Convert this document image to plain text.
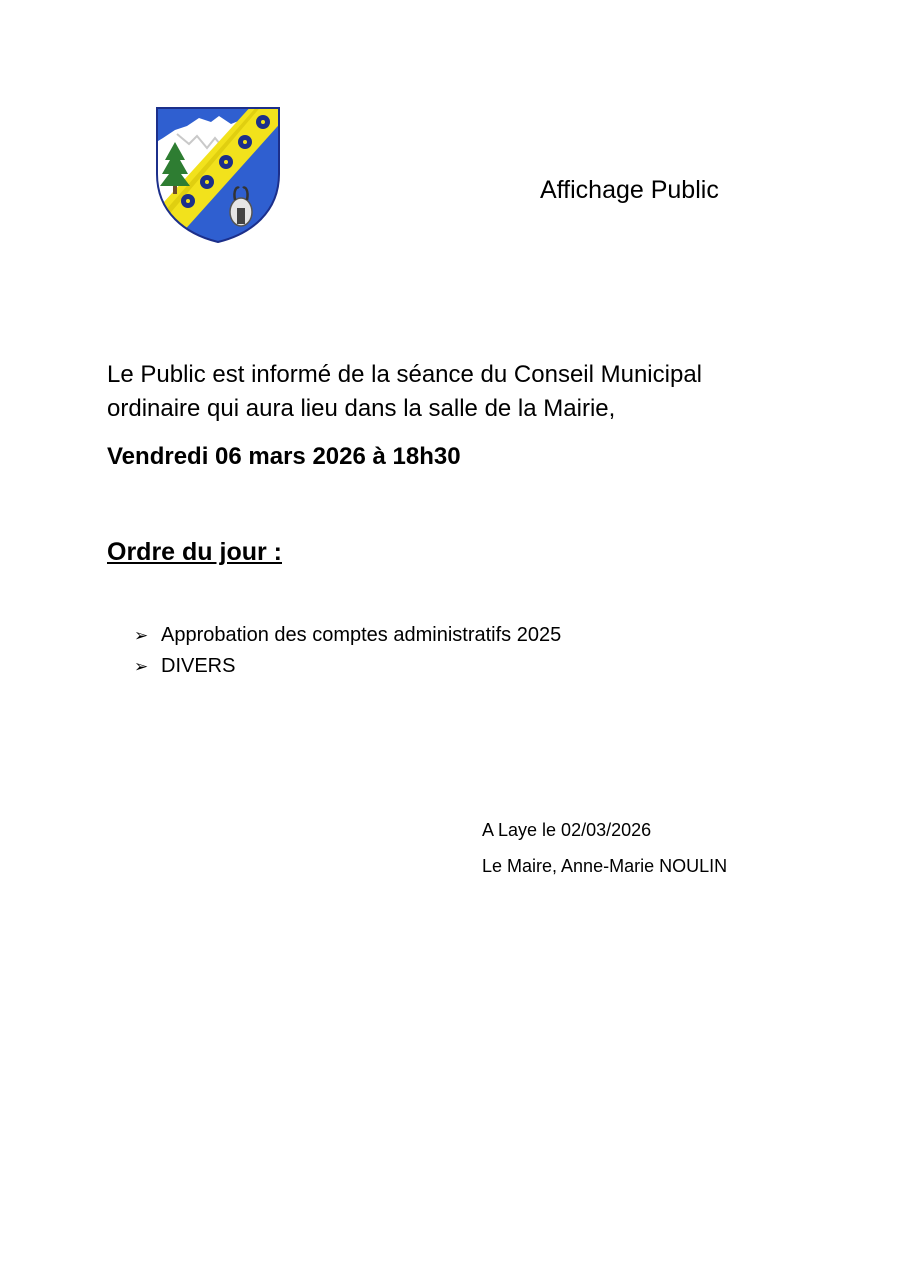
Affichage Public

Le Public est informé de la séance du Conseil Municipal

ordinaire qui aura lieu dans la salle de la Mairie,

Vendredi 06 mars 2026 à 18h30
Ordre du jour :
➢ Approbation des comptes administratifs 2025
➢ DIVERS

A Laye le 02/03/2026

Le Maire, Anne-Marie NOULIN
